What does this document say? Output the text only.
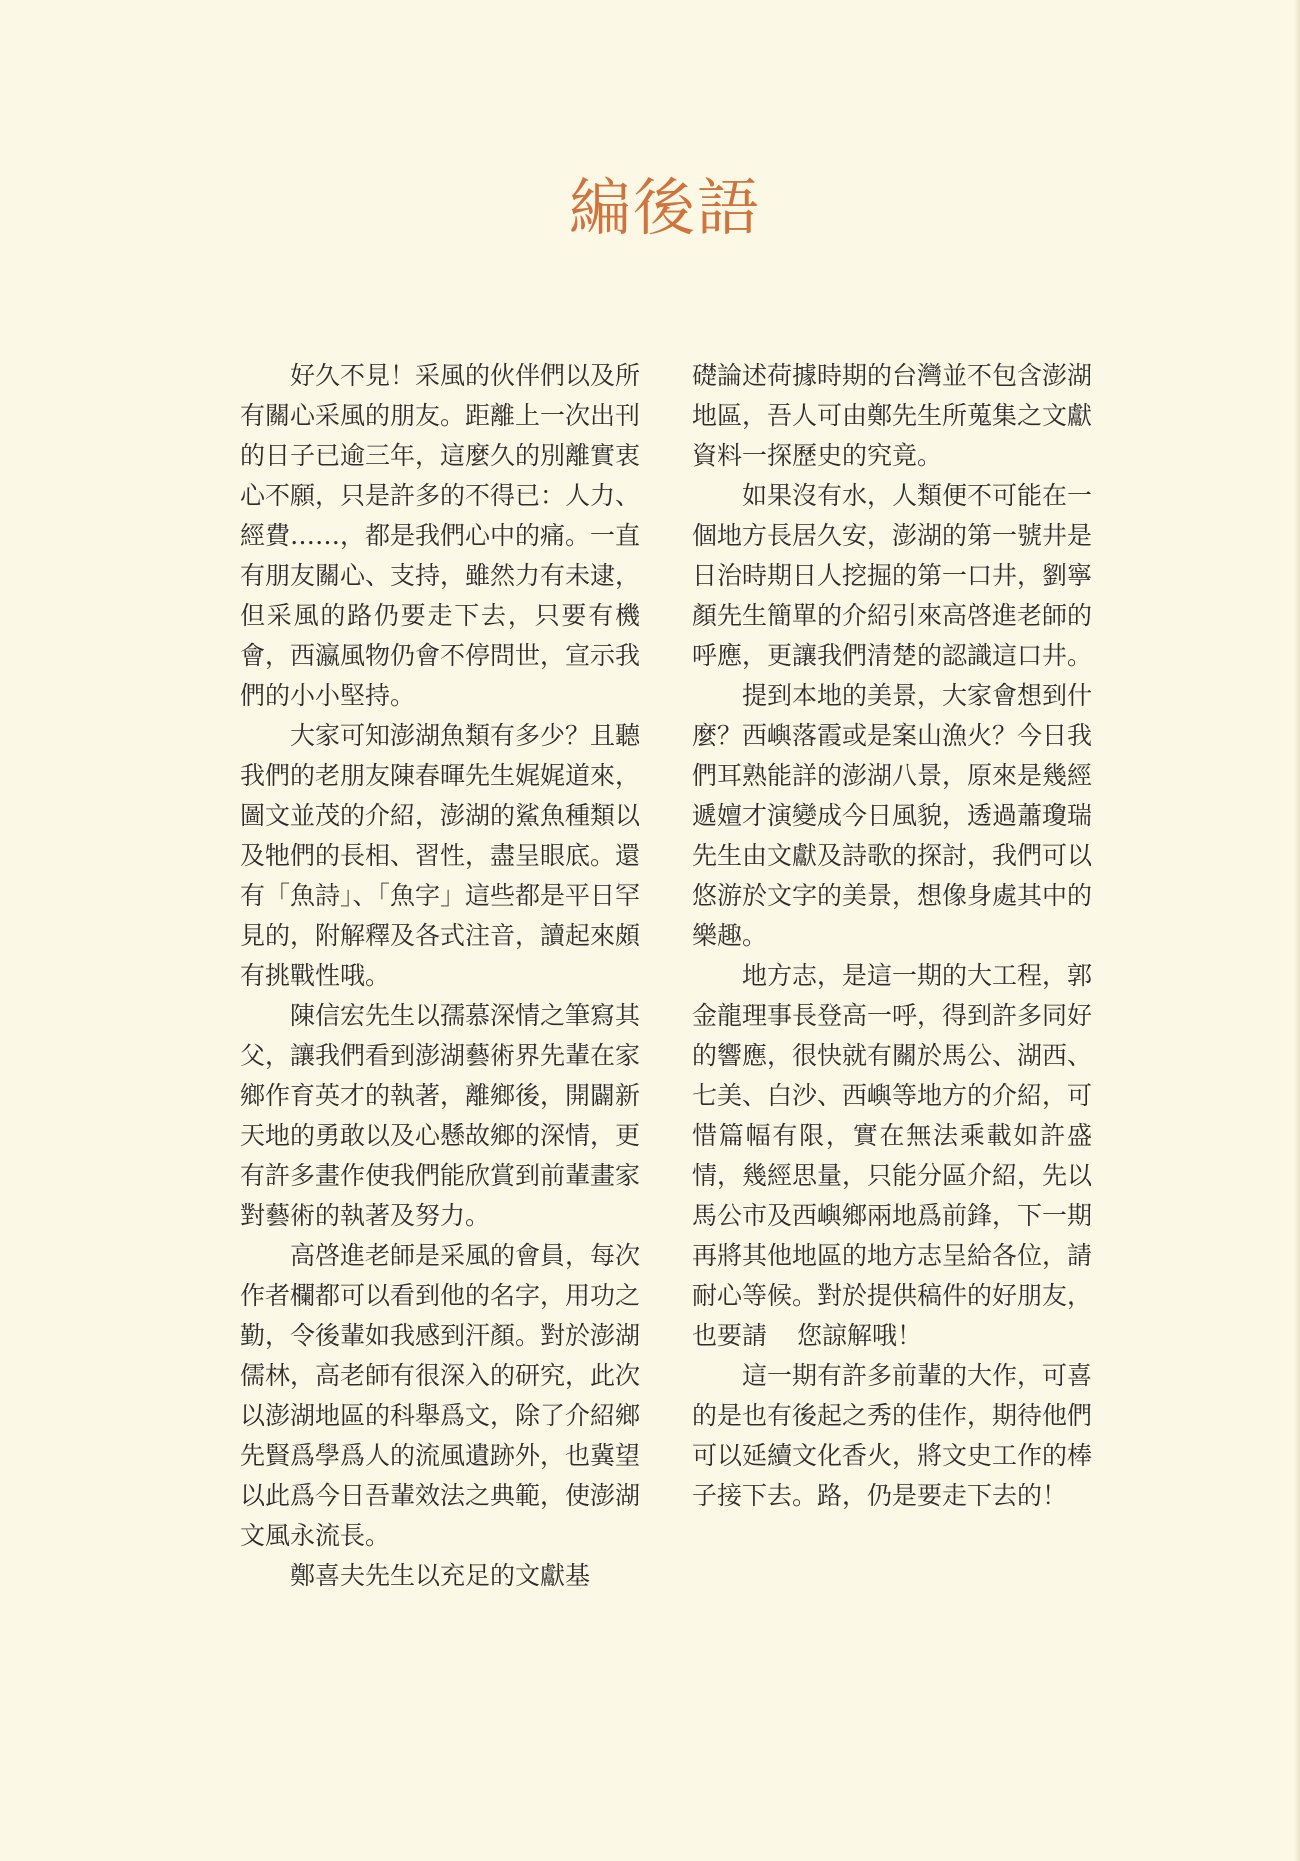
編後語

好久不見！采風的伙伴們以及所有關心采風的朋友。距離上一次出刊的日子已逾三年，這麼久的別離實衷心不願，只是許多的不得已：人力、經費……，都是我們心中的痛。一直有朋友關心、支持，雖然力有未逮，但采風的路仍要走下去，只要有機會，西瀛風物仍會不停問世，宣示我們的小小堅持。

大家可知澎湖魚類有多少？且聽我們的老朋友陳春暉先生娓娓道來，圖文並茂的介紹，澎湖的鯊魚種類以及牠們的長相、習性，盡呈眼底。還有「魚詩」、「魚字」這些都是平日罕見的，附解釋及各式注音，讀起來頗有挑戰性哦。

陳信宏先生以孺慕深情之筆寫其父，讓我們看到澎湖藝術界先輩在家鄉作育英才的執著，離鄉後，開闢新天地的勇敢以及心懸故鄉的深情，更有許多畫作使我們能欣賞到前輩畫家對藝術的執著及努力。

高啓進老師是采風的會員，每次作者欄都可以看到他的名字，用功之勤，令後輩如我感到汗顏。對於澎湖儒林，高老師有很深入的研究，此次以澎湖地區的科舉爲文，除了介紹鄉先賢爲學爲人的流風遺跡外，也冀望以此爲今日吾輩效法之典範，使澎湖文風永流長。

鄭喜夫先生以充足的文獻基

礎論述荷據時期的台灣並不包含澎湖地區，吾人可由鄭先生所蒐集之文獻資料一探歷史的究竟。

如果沒有水，人類便不可能在一個地方長居久安，澎湖的第一號井是日治時期日人挖掘的第一口井，劉寧顏先生簡單的介紹引來高啓進老師的呼應，更讓我們清楚的認識這口井。

提到本地的美景，大家會想到什麼？西嶼落霞或是案山漁火？今日我們耳熟能詳的澎湖八景，原來是幾經遞嬗才演變成今日風貌，透過蕭瓊瑞先生由文獻及詩歌的探討，我們可以悠游於文字的美景，想像身處其中的樂趣。

地方志，是這一期的大工程，郭金龍理事長登高一呼，得到許多同好的響應，很快就有關於馬公、湖西、七美、白沙、西嶼等地方的介紹，可惜篇幅有限，實在無法乘載如許盛情，幾經思量，只能分區介紹，先以馬公市及西嶼鄉兩地爲前鋒，下一期再將其他地區的地方志呈給各位，請耐心等候。對於提供稿件的好朋友，也要請 您諒解哦！

這一期有許多前輩的大作，可喜的是也有後起之秀的佳作，期待他們可以延續文化香火，將文史工作的棒子接下去。路，仍是要走下去的！
